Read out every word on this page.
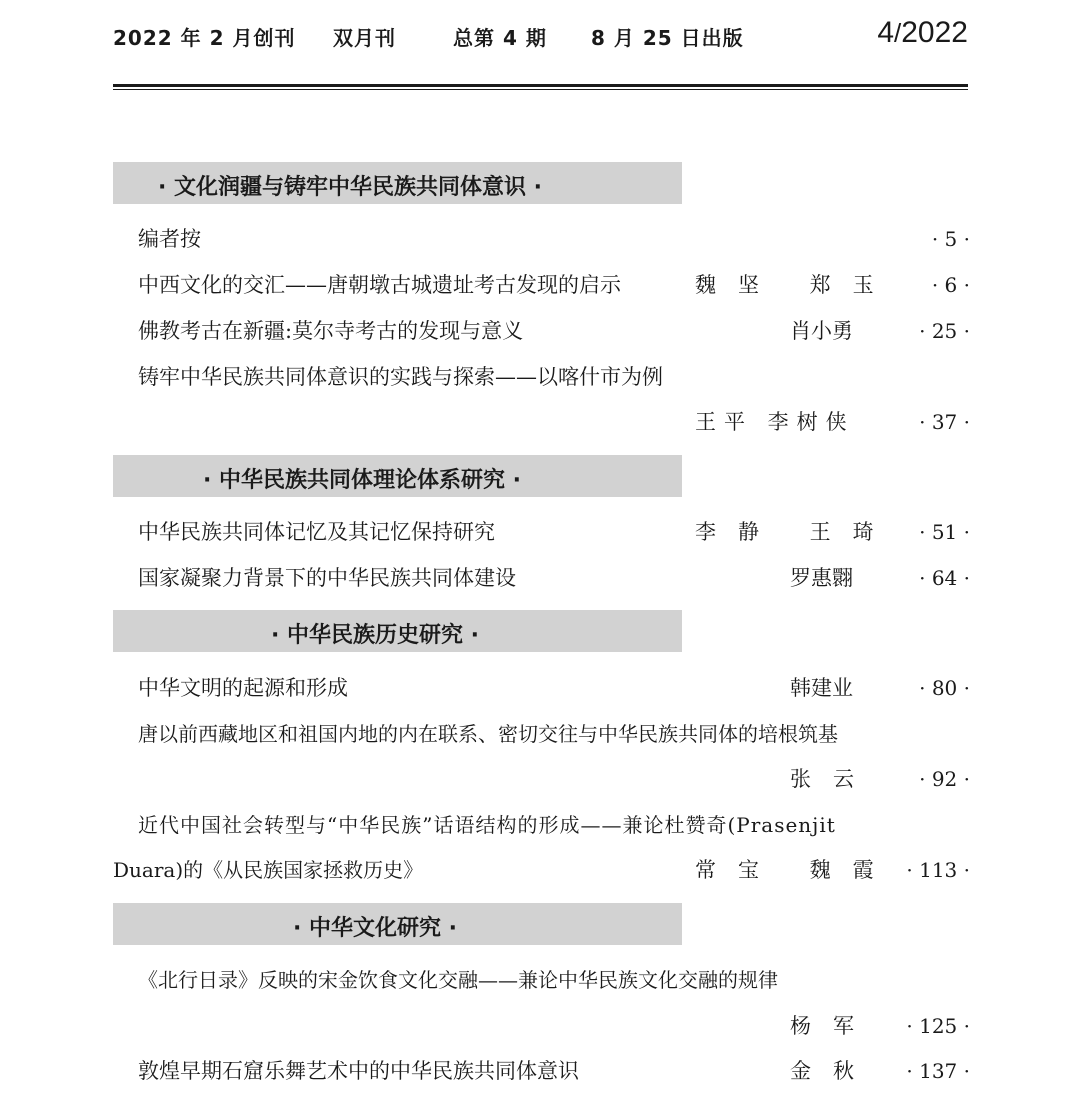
2022 年 2 月创刊 双月刊	总第 4 期 8 月 25 日出版	4/2022
· 文化润疆与铸牢中华民族共同体意识 ·
编者按	· 5 ·
中西文化的交汇——唐朝墩古城遗址考古发现的启示	魏坚 郑玉 · 6 ·
佛教考古在新疆:莫尔寺考古的发现与意义	肖小勇	· 25 ·
铸牢中华民族共同体意识的实践与探索——以喀什市为例
王平 李树侠	· 37 ·
· 中华民族共同体理论体系研究 ·
中华民族共同体记忆及其记忆保持研究	李静 王琦 · 51 ·
国家凝聚力背景下的中华民族共同体建设	罗惠翾	· 64 ·
· 中华民族历史研究 ·
中华文明的起源和形成	韩建业	· 80 ·
唐以前西藏地区和祖国内地的内在联系、密切交往与中华民族共同体的培根筑基
张云 · 92 ·
近代中国社会转型与“中华民族”话语结构的形成——兼论杜赞奇(Prasenjit
Duara)的《从民族国家拯救历史》	常宝 魏霞 · 113 ·
· 中华文化研究 ·
《北行日录》反映的宋金饮食文化交融——兼论中华民族文化交融的规律
杨军 · 125 ·
敦煌早期石窟乐舞艺术中的中华民族共同体意识	金秋 · 137 ·
